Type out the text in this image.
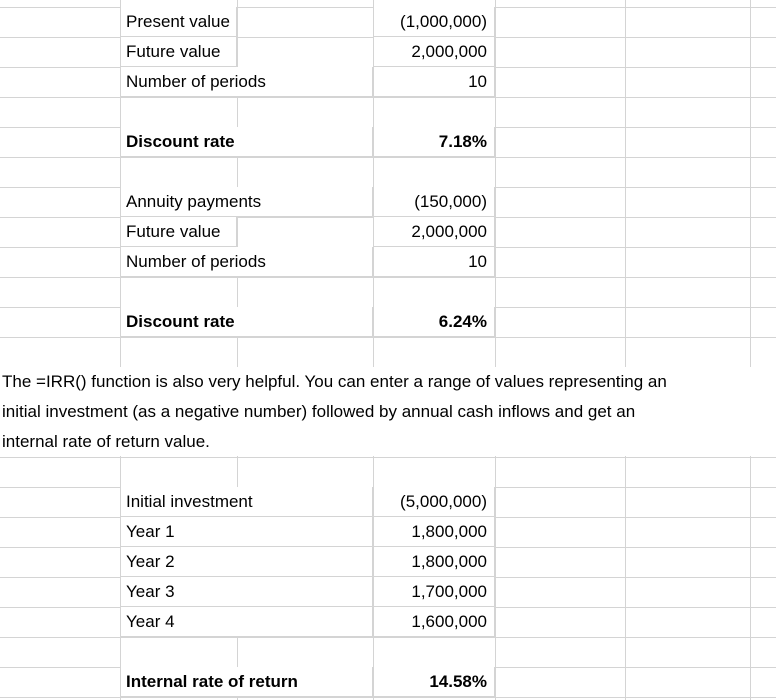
Present value	(1,000,000)
Future value	2,000,000
Number of periods	10
Discount rate	7.18%
Annuity payments	(150,000)
Future value	2,000,000
Number of periods	10
Discount rate	6.24%
The =IRR() function is also very helpful. You can enter a range of values representing an
initial investment (as a negative number) followed by annual cash inflows and get an
internal rate of return value.
Initial investment	(5,000,000)
Year 1	1,800,000
Year 2	1,800,000
Year 3	1,700,000
Year 4	1,600,000
Internal rate of return	14.58%
